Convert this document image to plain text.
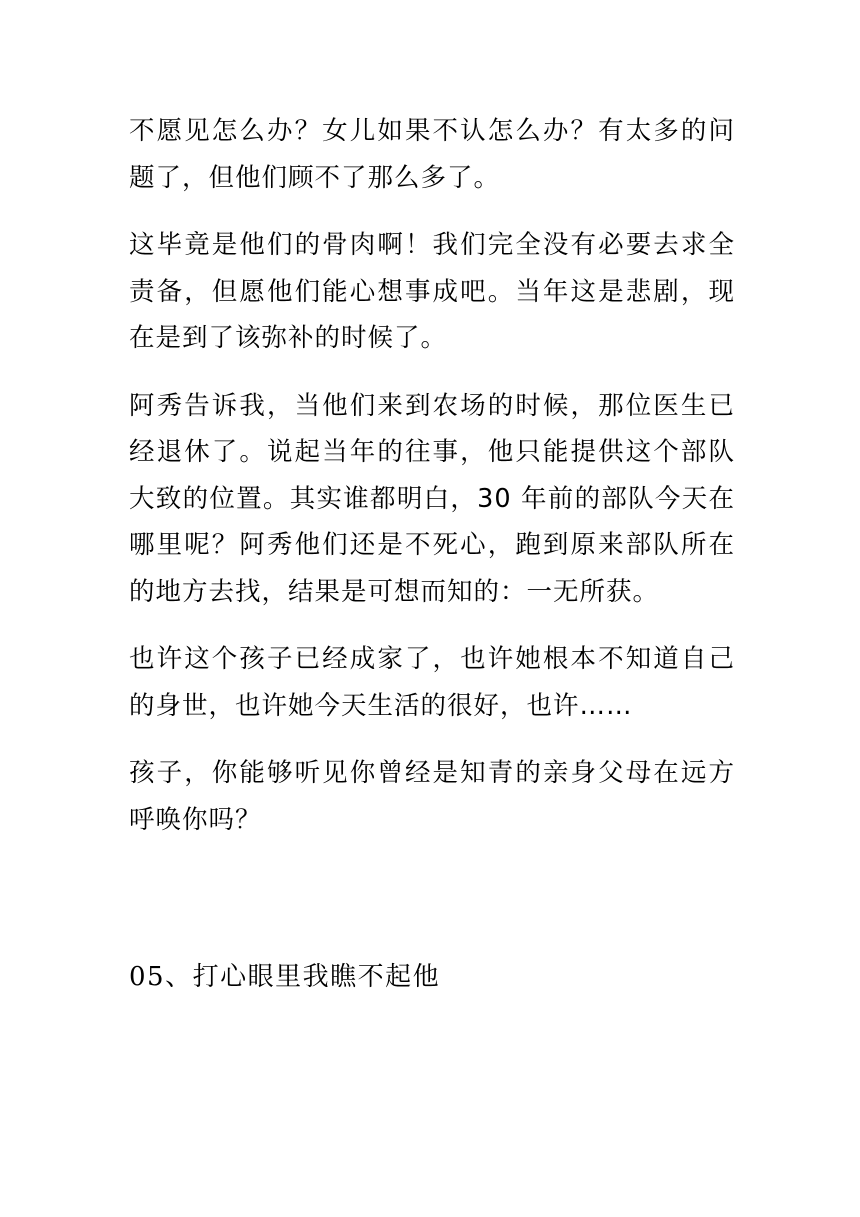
不愿见怎么办？女儿如果不认怎么办？有太多的问题了，但他们顾不了那么多了。

这毕竟是他们的骨肉啊！我们完全没有必要去求全责备，但愿他们能心想事成吧。当年这是悲剧，现在是到了该弥补的时候了。

阿秀告诉我，当他们来到农场的时候，那位医生已经退休了。说起当年的往事，他只能提供这个部队大致的位置。其实谁都明白，30 年前的部队今天在哪里呢？阿秀他们还是不死心，跑到原来部队所在的地方去找，结果是可想而知的：一无所获。

也许这个孩子已经成家了，也许她根本不知道自己的身世，也许她今天生活的很好，也许……

孩子，你能够听见你曾经是知青的亲身父母在远方呼唤你吗？

05、打心眼里我瞧不起他
